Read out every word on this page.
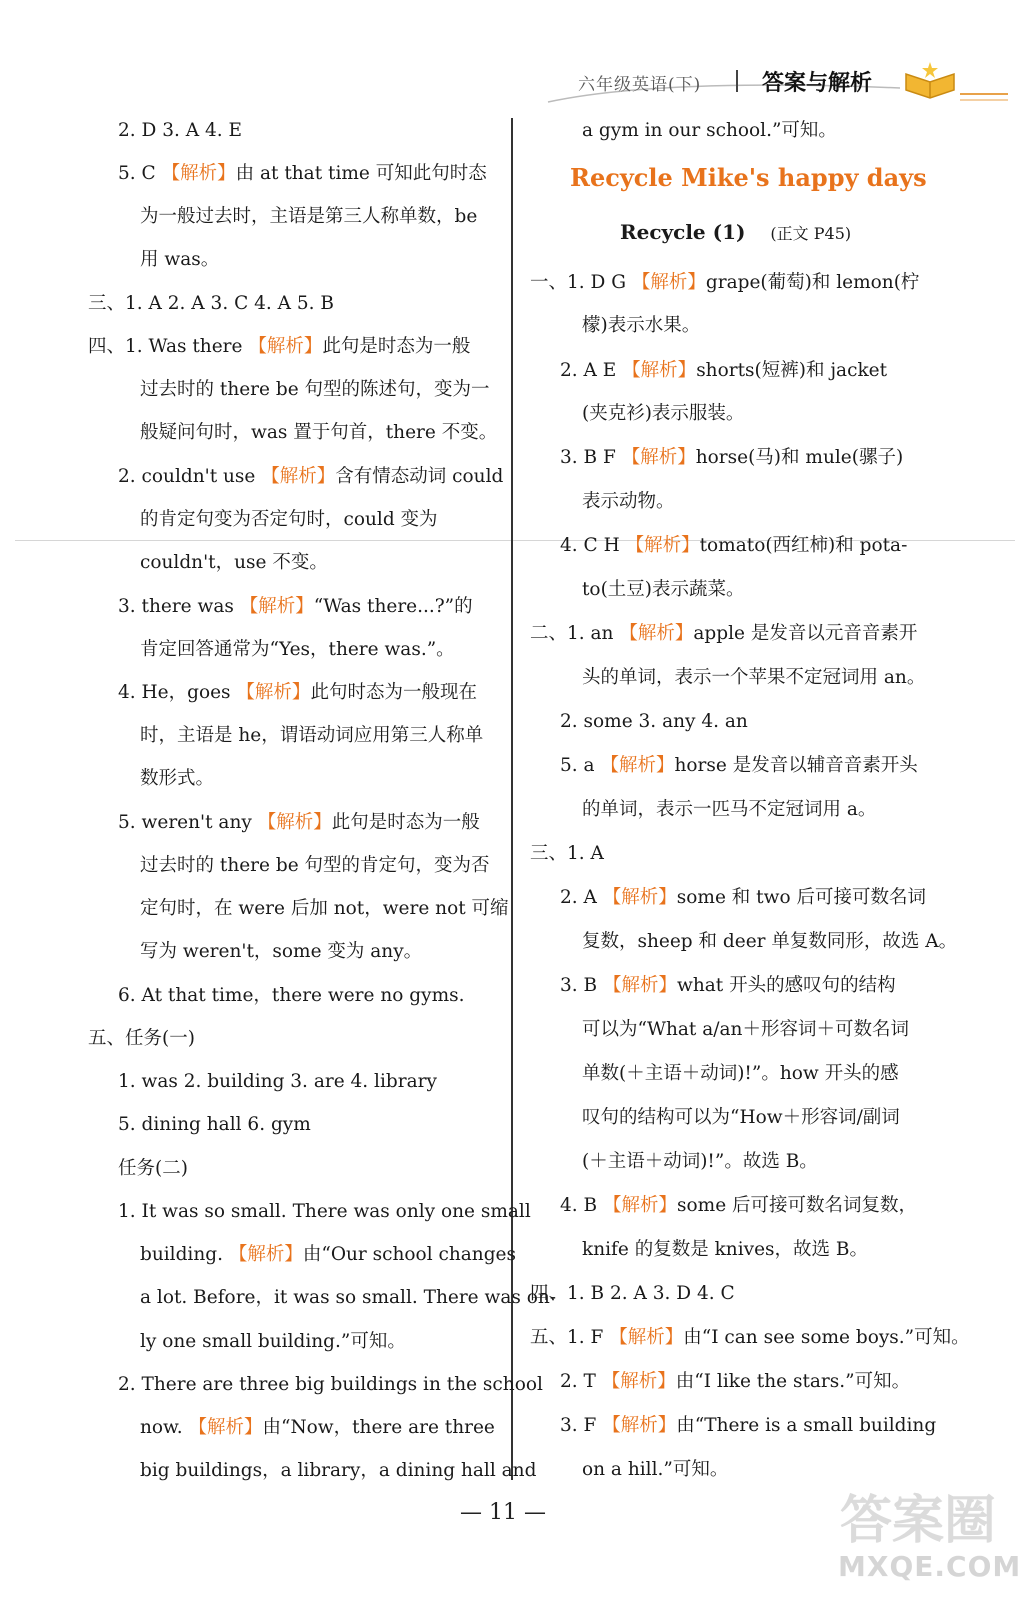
六年级英语(下)	答案与解析
2. D 3. A 4. E
5. C 【解析】由 at that time 可知此句时态
为一般过去时，主语是第三人称单数，be
用 was。
三、1. A 2. A 3. C 4. A 5. B
四、1. Was there 【解析】此句是时态为一般
过去时的 there be 句型的陈述句，变为一
般疑问句时，was 置于句首，there 不变。
2. couldn't use 【解析】含有情态动词 could
的肯定句变为否定句时，could 变为
couldn't，use 不变。
3. there was 【解析】“Was there...?”的
肯定回答通常为“Yes，there was.”。
4. He，goes 【解析】此句时态为一般现在
时，主语是 he，谓语动词应用第三人称单
数形式。
5. weren't any 【解析】此句是时态为一般
过去时的 there be 句型的肯定句，变为否
定句时，在 were 后加 not，were not 可缩
写为 weren't，some 变为 any。
6. At that time，there were no gyms.
五、任务(一)
1. was 2. building 3. are 4. library
5. dining hall 6. gym
任务(二)
1. It was so small. There was only one small
building. 【解析】由“Our school changes
a lot. Before，it was so small. There was on-
ly one small building.”可知。
2. There are three big buildings in the school
now. 【解析】由“Now，there are three
big buildings，a library，a dining hall and
a gym in our school.”可知。
Recycle Mike's happy days
Recycle (1) (正文 P45)
一、1. D G 【解析】grape(葡萄)和 lemon(柠
檬)表示水果。
2. A E 【解析】shorts(短裤)和 jacket
(夹克衫)表示服装。
3. B F 【解析】horse(马)和 mule(骡子)
表示动物。
4. C H 【解析】tomato(西红柿)和 pota-
to(土豆)表示蔬菜。
二、1. an 【解析】apple 是发音以元音音素开
头的单词，表示一个苹果不定冠词用 an。
2. some 3. any 4. an
5. a 【解析】horse 是发音以辅音音素开头
的单词，表示一匹马不定冠词用 a。
三、1. A
2. A 【解析】some 和 two 后可接可数名词
复数，sheep 和 deer 单复数同形，故选 A。
3. B 【解析】what 开头的感叹句的结构
可以为“What a/an＋形容词＋可数名词
单数(＋主语＋动词)!”。how 开头的感
叹句的结构可以为“How＋形容词/副词
(＋主语＋动词)!”。故选 B。
4. B 【解析】some 后可接可数名词复数，
knife 的复数是 knives，故选 B。
四、1. B 2. A 3. D 4. C
五、1. F 【解析】由“I can see some boys.”可知。
2. T 【解析】由“I like the stars.”可知。
3. F 【解析】由“There is a small building
on a hill.”可知。
— 11 —	答案圈
MXQE.COM
